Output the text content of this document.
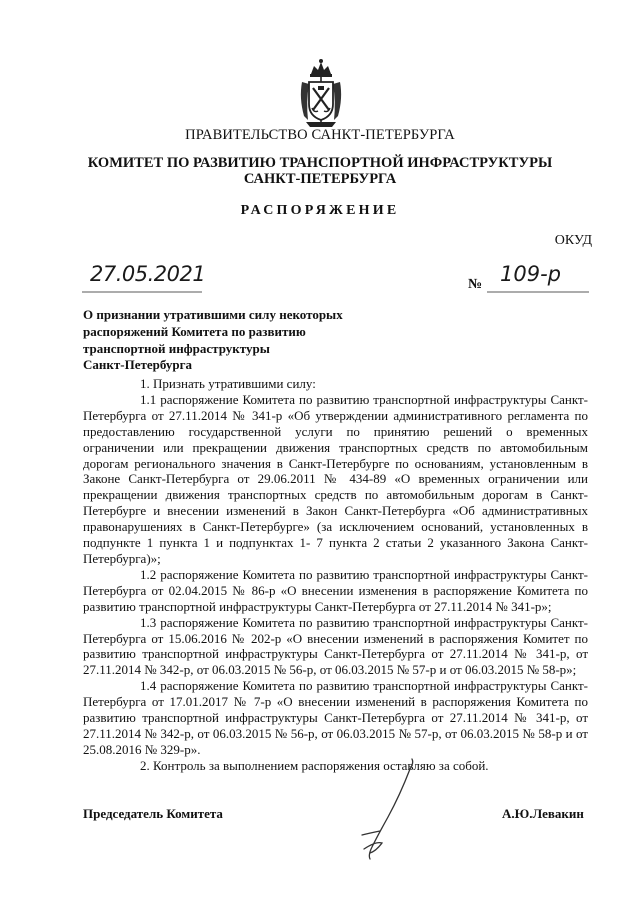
ПРАВИТЕЛЬСТВО САНКТ-ПЕТЕРБУРГА
КОМИТЕТ ПО РАЗВИТИЮ ТРАНСПОРТНОЙ ИНФРАСТРУКТУРЫ
САНКТ-ПЕТЕРБУРГА
РАСПОРЯЖЕНИЕ
ОКУД
27.05.2021	№ 109-р
О признании утратившими силу некоторых
распоряжений Комитета по развитию
транспортной инфраструктуры
Санкт-Петербурга

1. Признать утратившими силу:

1.1 распоряжение Комитета по развитию транспортной инфраструктуры Санкт-Петербурга от 27.11.2014 № 341-р «Об утверждении административного регламента по предоставлению государственной услуги по принятию решений о временных ограничении или прекращении движения транспортных средств по автомобильным дорогам регионального значения в Санкт-Петербурге по основаниям, установленным в Законе Санкт-Петербурга от 29.06.2011 № 434-89 «О временных ограничении или прекращении движения транспортных средств по автомобильным дорогам в Санкт-Петербурге и внесении изменений в Закон Санкт-Петербурга «Об административных правонарушениях в Санкт-Петербурге» (за исключением оснований, установленных в подпункте 1 пункта 1 и подпунктах 1- 7 пункта 2 статьи 2 указанного Закона Санкт-Петербурга)»;

1.2 распоряжение Комитета по развитию транспортной инфраструктуры Санкт-Петербурга от 02.04.2015 № 86-р «О внесении изменения в распоряжение Комитета по развитию транспортной инфраструктуры Санкт-Петербурга от 27.11.2014 № 341-р»;

1.3 распоряжение Комитета по развитию транспортной инфраструктуры Санкт-Петербурга от 15.06.2016 № 202-р «О внесении изменений в распоряжения Комитет по развитию транспортной инфраструктуры Санкт-Петербурга от 27.11.2014 № 341-р, от 27.11.2014 № 342-р, от 06.03.2015 № 56-р, от 06.03.2015 № 57-р и от 06.03.2015 № 58-р»;

1.4 распоряжение Комитета по развитию транспортной инфраструктуры Санкт-Петербурга от 17.01.2017 № 7-р «О внесении изменений в распоряжения Комитета по развитию транспортной инфраструктуры Санкт-Петербурга от 27.11.2014 № 341-р, от 27.11.2014 № 342-р, от 06.03.2015 № 56-р, от 06.03.2015 № 57-р, от 06.03.2015 № 58-р и от 25.08.2016 № 329-р».

2. Контроль за выполнением распоряжения оставляю за собой.

Председатель Комитета	А.Ю.Левакин
